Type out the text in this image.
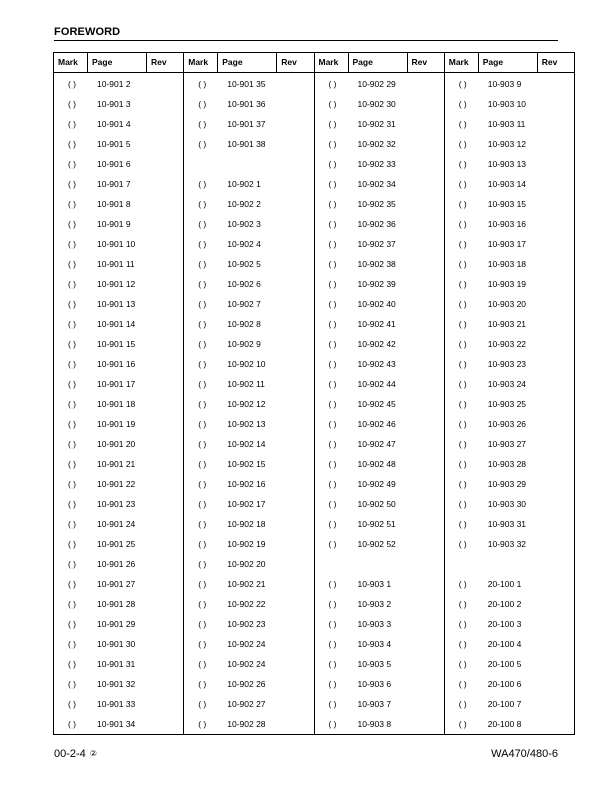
FOREWORD
Mark	Page	Rev
( )	10-901 2
( )	10-901 3
( )	10-901 4
( )	10-901 5
( )	10-901 6
( )	10-901 7
( )	10-901 8
( )	10-901 9
( )	10-901 10
( )	10-901 11
( )	10-901 12
( )	10-901 13
( )	10-901 14
( )	10-901 15
( )	10-901 16
( )	10-901 17
( )	10-901 18
( )	10-901 19
( )	10-901 20
( )	10-901 21
( )	10-901 22
( )	10-901 23
( )	10-901 24
( )	10-901 25
( )	10-901 26
( )	10-901 27
( )	10-901 28
( )	10-901 29
( )	10-901 30
( )	10-901 31
( )	10-901 32
( )	10-901 33
( )	10-901 34
Mark	Page	Rev
( )	10-901 35
( )	10-901 36
( )	10-901 37
( )	10-901 38
( )	10-902 1
( )	10-902 2
( )	10-902 3
( )	10-902 4
( )	10-902 5
( )	10-902 6
( )	10-902 7
( )	10-902 8
( )	10-902 9
( )	10-902 10
( )	10-902 11
( )	10-902 12
( )	10-902 13
( )	10-902 14
( )	10-902 15
( )	10-902 16
( )	10-902 17
( )	10-902 18
( )	10-902 19
( )	10-902 20
( )	10-902 21
( )	10-902 22
( )	10-902 23
( )	10-902 24
( )	10-902 24
( )	10-902 26
( )	10-902 27
( )	10-902 28
Mark	Page	Rev
( )	10-902 29
( )	10-902 30
( )	10-902 31
( )	10-902 32
( )	10-902 33
( )	10-902 34
( )	10-902 35
( )	10-902 36
( )	10-902 37
( )	10-902 38
( )	10-902 39
( )	10-902 40
( )	10-902 41
( )	10-902 42
( )	10-902 43
( )	10-902 44
( )	10-902 45
( )	10-902 46
( )	10-902 47
( )	10-902 48
( )	10-902 49
( )	10-902 50
( )	10-902 51
( )	10-902 52
( )	10-903 1
( )	10-903 2
( )	10-903 3
( )	10-903 4
( )	10-903 5
( )	10-903 6
( )	10-903 7
( )	10-903 8
Mark	Page	Rev
( )	10-903 9
( )	10-903 10
( )	10-903 11
( )	10-903 12
( )	10-903 13
( )	10-903 14
( )	10-903 15
( )	10-903 16
( )	10-903 17
( )	10-903 18
( )	10-903 19
( )	10-903 20
( )	10-903 21
( )	10-903 22
( )	10-903 23
( )	10-903 24
( )	10-903 25
( )	10-903 26
( )	10-903 27
( )	10-903 28
( )	10-903 29
( )	10-903 30
( )	10-903 31
( )	10-903 32
( )	20-100 1
( )	20-100 2
( )	20-100 3
( )	20-100 4
( )	20-100 5
( )	20-100 6
( )	20-100 7
( )	20-100 8
00-2-4 ②	WA470/480-6
